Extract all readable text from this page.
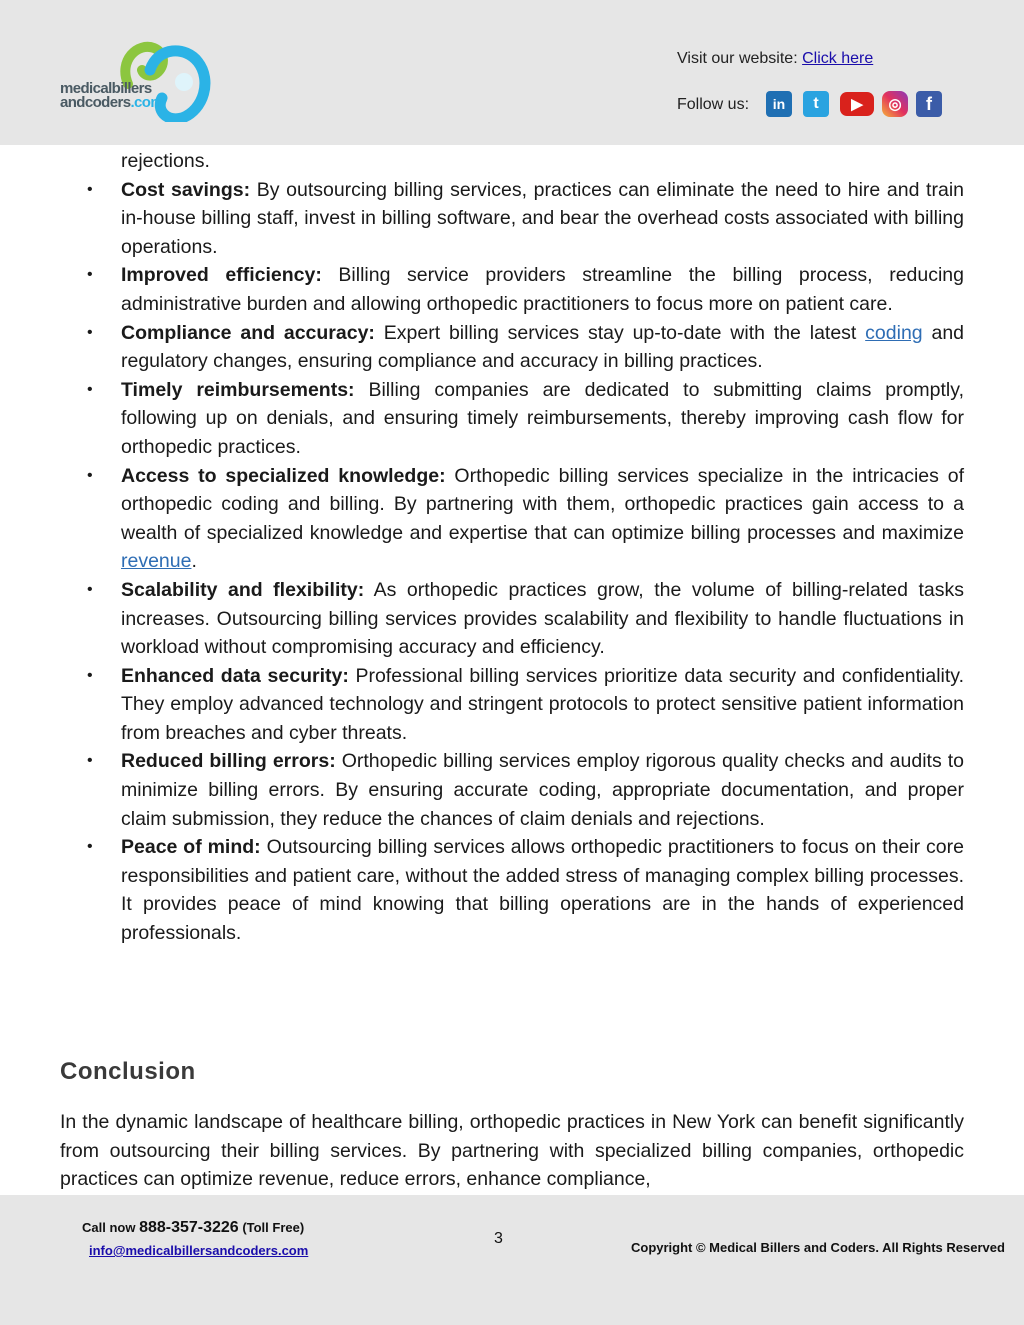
medicalbillers
andcoders.com
Visit our website: Click here
Follow us:	in	t	▶	◎	f
rejections.
• Cost savings: By outsourcing billing services, practices can eliminate the need to hire and train in-house billing staff, invest in billing software, and bear the overhead costs associated with billing operations.
• Improved efficiency: Billing service providers streamline the billing process, reducing administrative burden and allowing orthopedic practitioners to focus more on patient care.
• Compliance and accuracy: Expert billing services stay up-to-date with the latest coding and regulatory changes, ensuring compliance and accuracy in billing practices.
• Timely reimbursements: Billing companies are dedicated to submitting claims promptly, following up on denials, and ensuring timely reimbursements, thereby improving cash flow for orthopedic practices.
• Access to specialized knowledge: Orthopedic billing services specialize in the intricacies of orthopedic coding and billing. By partnering with them, orthopedic practices gain access to a wealth of specialized knowledge and expertise that can optimize billing processes and maximize revenue.
• Scalability and flexibility: As orthopedic practices grow, the volume of billing-related tasks increases. Outsourcing billing services provides scalability and flexibility to handle fluctuations in workload without compromising accuracy and efficiency.
• Enhanced data security: Professional billing services prioritize data security and confidentiality. They employ advanced technology and stringent protocols to protect sensitive patient information from breaches and cyber threats.
• Reduced billing errors: Orthopedic billing services employ rigorous quality checks and audits to minimize billing errors. By ensuring accurate coding, appropriate documentation, and proper claim submission, they reduce the chances of claim denials and rejections.
• Peace of mind: Outsourcing billing services allows orthopedic practitioners to focus on their core responsibilities and patient care, without the added stress of managing complex billing processes. It provides peace of mind knowing that billing operations are in the hands of experienced professionals.
Conclusion
In the dynamic landscape of healthcare billing, orthopedic practices in New York can benefit significantly from outsourcing their billing services. By partnering with specialized billing companies, orthopedic practices can optimize revenue, reduce errors, enhance compliance,
Call now 888-357-3226 (Toll Free)
info@medicalbillersandcoders.com
3
Copyright © Medical Billers and Coders. All Rights Reserved
